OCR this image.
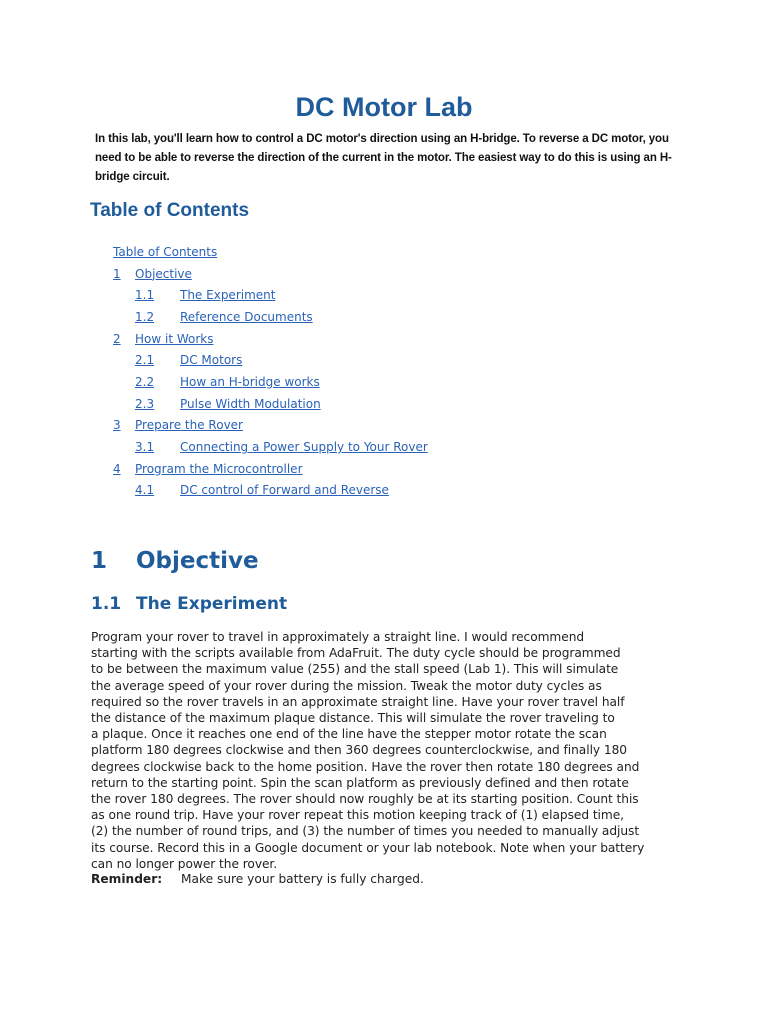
DC Motor Lab

In this lab, you'll learn how to control a DC motor's direction using an H-bridge. To reverse a DC motor, you need to be able to reverse the direction of the current in the motor. The easiest way to do this is using an H-bridge circuit.

Table of Contents
Table of Contents
1	Objective
1.1	The Experiment
1.2	Reference Documents
2	How it Works
2.1	DC Motors
2.2	How an H-bridge works
2.3	Pulse Width Modulation
3	Prepare the Rover
3.1	Connecting a Power Supply to Your Rover
4	Program the Microcontroller
4.1	DC control of Forward and Reverse
1 Objective
1.1 The Experiment

Program your rover to travel in approximately a straight line. I would recommend
starting with the scripts available from AdaFruit. The duty cycle should be programmed
to be between the maximum value (255) and the stall speed (Lab 1). This will simulate
the average speed of your rover during the mission. Tweak the motor duty cycles as
required so the rover travels in an approximate straight line. Have your rover travel half
the distance of the maximum plaque distance. This will simulate the rover traveling to
a plaque. Once it reaches one end of the line have the stepper motor rotate the scan
platform 180 degrees clockwise and then 360 degrees counterclockwise, and finally 180
degrees clockwise back to the home position. Have the rover then rotate 180 degrees and
return to the starting point. Spin the scan platform as previously defined and then rotate
the rover 180 degrees. The rover should now roughly be at its starting position. Count this
as one round trip. Have your rover repeat this motion keeping track of (1) elapsed time,
(2) the number of round trips, and (3) the number of times you needed to manually adjust
its course. Record this in a Google document or your lab notebook. Note when your battery
can no longer power the rover.

Reminder: Make sure your battery is fully charged.
